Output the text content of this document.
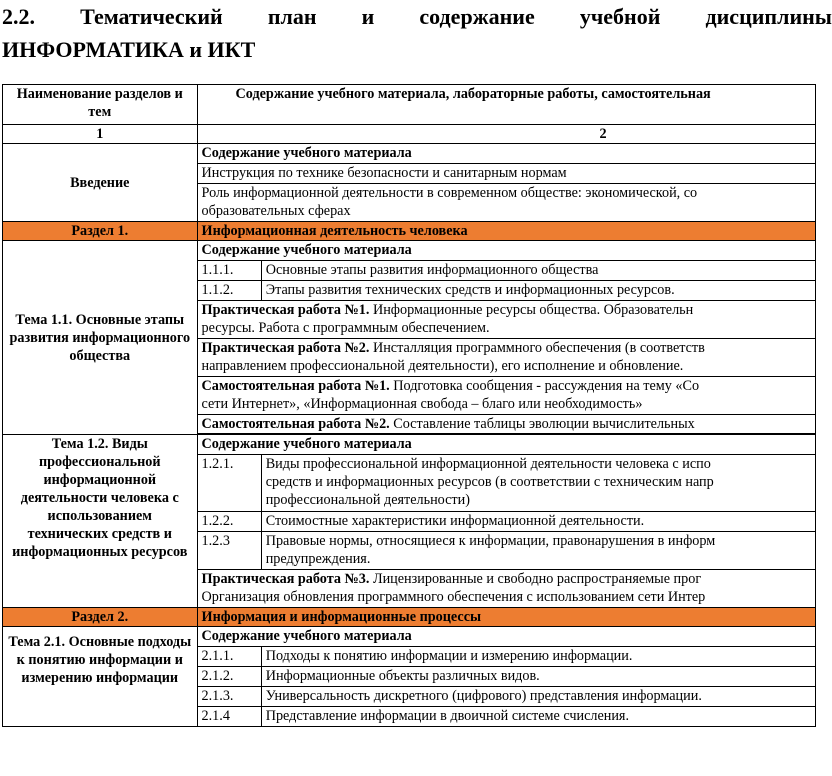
2.2. Тематический план и содержание учебной дисциплины
ИНФОРМАТИКА и ИКТ
Наименование разделов и тем	Содержание учебного материала, лабораторные работы, самостоятельная	
1	2	
Введение	Содержание учебного материала	
	Инструкция по технике безопасности и санитарным нормам	

	Роль информационной деятельности в современном обществе: экономической, со
образовательных сферах	

Раздел 1.	Информационная деятельность человека	
Тема 1.1. Основные этапы развития информационного общества	Содержание учебного материала	
	1.1.1.	Основные этапы развития информационного общества
	1.1.2.	Этапы развития технических средств и информационных ресурсов.

	Практическая работа №1. Информационные ресурсы общества. Образовательн
ресурсы. Работа с программным обеспечением.	

	Практическая работа №2. Инсталляция программного обеспечения (в соответств
направлением профессиональной деятельности), его исполнение и обновление.	

	Самостоятельная работа №1. Подготовка сообщения - рассуждения на тему «Со
сети Интернет», «Информационная свобода – благо или необходимость»	

	Самостоятельная работа №2. Составление таблицы эволюции вычислительных	

Тема 1.2. Виды профессиональной информационной деятельности человека с использованием технических средств и информационных ресурсов	Содержание учебного материала	
	1.2.1.	Виды профессиональной информационной деятельности человека с испо
средств и информационных ресурсов (в соответствии с техническим напр
профессиональной деятельности)

	1.2.2.	Стоимостные характеристики информационной деятельности.
	1.2.3	Правовые нормы, относящиеся к информации, правонарушения в информ
предупреждения.

	Практическая работа №3. Лицензированные и свободно распространяемые прог
Организация обновления программного обеспечения с использованием сети Интер	

Раздел 2.	Информация и информационные процессы	
Тема 2.1. Основные подходы к понятию информации и измерению информации	Содержание учебного материала	
	2.1.1.	Подходы к понятию информации и измерению информации.
	2.1.2.	Информационные объекты различных видов.
	2.1.3.	Универсальность дискретного (цифрового) представления информации.
	2.1.4	Представление информации в двоичной системе счисления.
